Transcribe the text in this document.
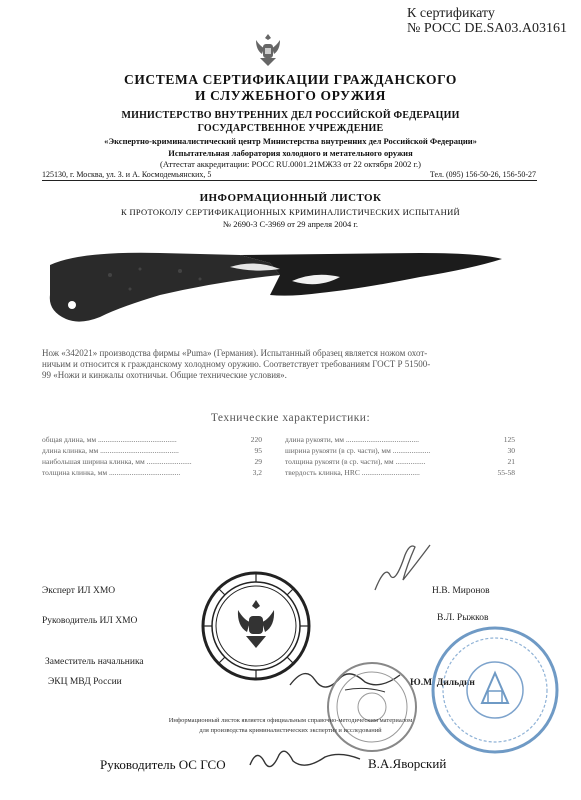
К сертификату
№ РОСС DE.SA03.A03161
СИСТЕМА СЕРТИФИКАЦИИ ГРАЖДАНСКОГО
И СЛУЖЕБНОГО ОРУЖИЯ
МИНИСТЕРСТВО ВНУТРЕННИХ ДЕЛ РОССИЙСКОЙ ФЕДЕРАЦИИ
ГОСУДАРСТВЕННОЕ УЧРЕЖДЕНИЕ
«Экспертно-криминалистический центр Министерства внутренних дел Российской Федерации»
Испытательная лаборатория холодного и метательного оружия
(Аттестат аккредитации: РОСС RU.0001.21МЖ33 от 22 октября 2002 г.)
125130, г. Москва, ул. З. и А. Космодемьянских, 5	Тел. (095) 156-50-26, 156-50-27
ИНФОРМАЦИОННЫЙ ЛИСТОК
К ПРОТОКОЛУ СЕРТИФИКАЦИОННЫХ КРИМИНАЛИСТИЧЕСКИХ ИСПЫТАНИЙ
№ 2690-3 С-3969 от 29 апреля 2004 г.
Нож «342021» производства фирмы «Puma» (Германия). Испытанный образец является ножом охот-
ничьим и относится к гражданскому холодному оружию. Соответствует требованиям ГОСТ Р 51500-
99 «Ножи и кинжалы охотничьи. Общие технические условия».
Технические характеристики:
общая длина, мм ..........................................	220
длина клинка, мм ..........................................	95
наибольшая ширина клинка, мм ........................	29
толщина клинка, мм ......................................	3,2
длина рукояти, мм .......................................	125
ширина рукояти (в ср. части), мм ....................	30
толщина рукояти (в ср. части), мм ................	21
твердость клинка, HRC ...............................	55-58
Эксперт ИЛ ХМО	Н.В. Миронов
Руководитель ИЛ ХМО	В.Л. Рыжков
Заместитель начальника
ЭКЦ МВД России	Ю.М. Дильдин
Информационный листок является официальным справочно-методическим материалом
для производства криминалистических экспертиз и исследований
Руководитель ОС ГСО	В.А.Яворский
